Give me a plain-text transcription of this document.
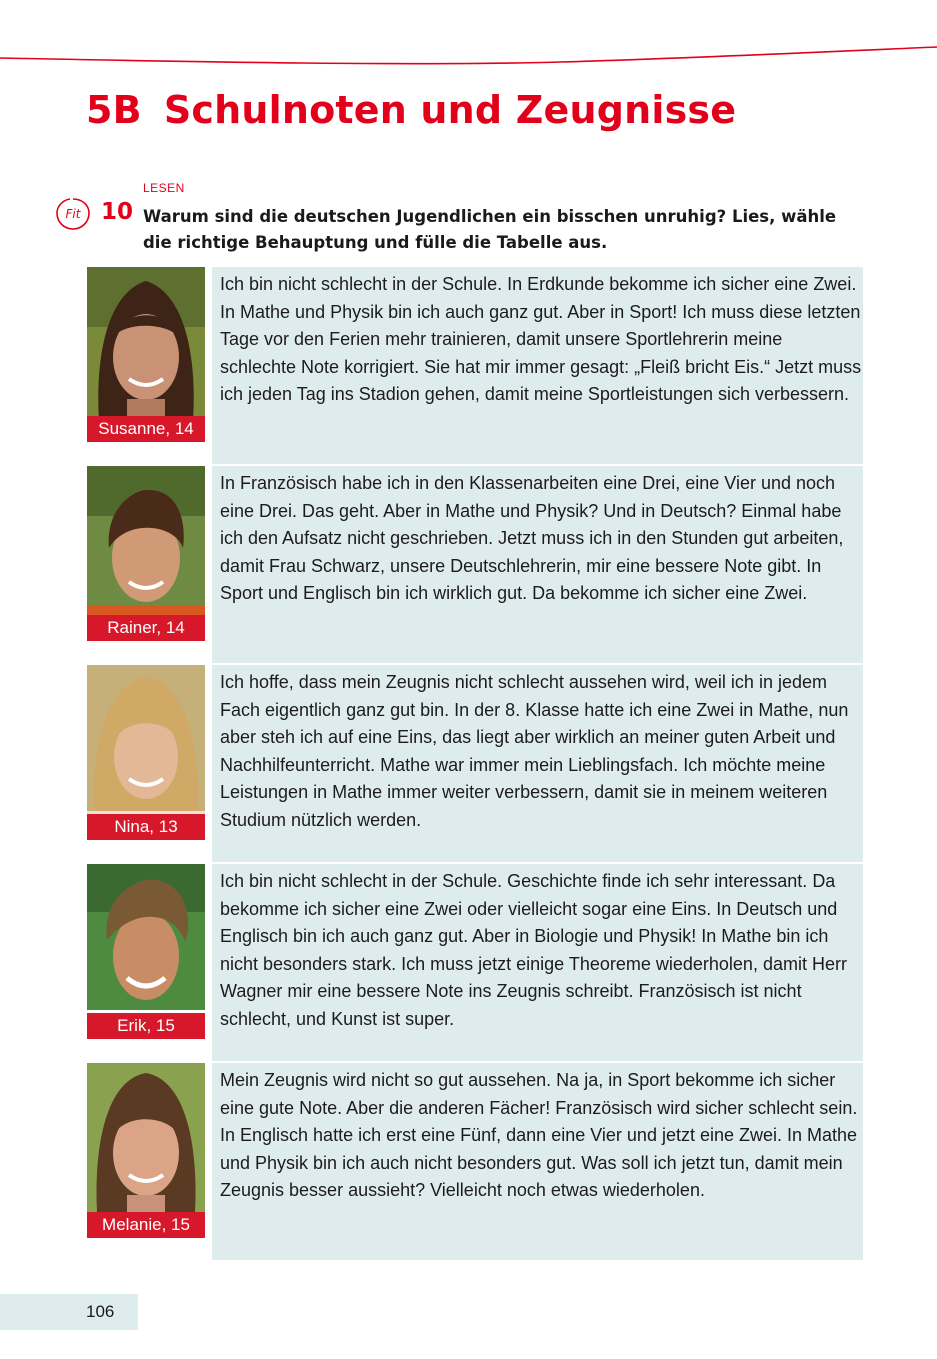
5B Schulnoten und Zeugnisse
LESEN
Fit 10 Warum sind die deutschen Jugendlichen ein bisschen unruhig? Lies, wähle die richtige Behauptung und fülle die Tabelle aus.
Susanne, 14

Ich bin nicht schlecht in der Schule. In Erdkunde bekomme ich sicher eine Zwei. In Mathe und Physik bin ich auch ganz gut. Aber in Sport! Ich muss diese letzten Tage vor den Ferien mehr trainieren, damit unsere Sportlehrerin meine schlechte Note korrigiert. Sie hat mir immer gesagt: „Fleiß bricht Eis.“ Jetzt muss ich jeden Tag ins Stadion gehen, damit meine Sportleistungen sich verbessern.

Rainer, 14

In Französisch habe ich in den Klassenarbeiten eine Drei, eine Vier und noch eine Drei. Das geht. Aber in Mathe und Physik? Und in Deutsch? Einmal habe ich den Aufsatz nicht geschrieben. Jetzt muss ich in den Stunden gut arbeiten, damit Frau Schwarz, unsere Deutschlehrerin, mir eine bessere Note gibt. In Sport und Englisch bin ich wirklich gut. Da bekomme ich sicher eine Zwei.

Nina, 13

Ich hoffe, dass mein Zeugnis nicht schlecht aussehen wird, weil ich in jedem Fach eigentlich ganz gut bin. In der 8. Klasse hatte ich eine Zwei in Mathe, nun aber steh ich auf eine Eins, das liegt aber wirklich an meiner guten Arbeit und Nachhilfeunterricht. Mathe war immer mein Lieblingsfach. Ich möchte meine Leistungen in Mathe immer weiter verbessern, damit sie in meinem weiteren Studium nützlich werden.

Erik, 15

Ich bin nicht schlecht in der Schule. Geschichte finde ich sehr interessant. Da bekomme ich sicher eine Zwei oder vielleicht sogar eine Eins. In Deutsch und Englisch bin ich auch ganz gut. Aber in Biologie und Physik! In Mathe bin ich nicht besonders stark. Ich muss jetzt einige Theoreme wiederholen, damit Herr Wagner mir eine bessere Note ins Zeugnis schreibt. Französisch ist nicht schlecht, und Kunst ist super.

Melanie, 15

Mein Zeugnis wird nicht so gut aussehen. Na ja, in Sport bekomme ich sicher eine gute Note. Aber die anderen Fächer! Französisch wird sicher schlecht sein. In Englisch hatte ich erst eine Fünf, dann eine Vier und jetzt eine Zwei. In Mathe und Physik bin ich auch nicht besonders gut. Was soll ich jetzt tun, damit mein Zeugnis besser aussieht? Vielleicht noch etwas wiederholen.

106
